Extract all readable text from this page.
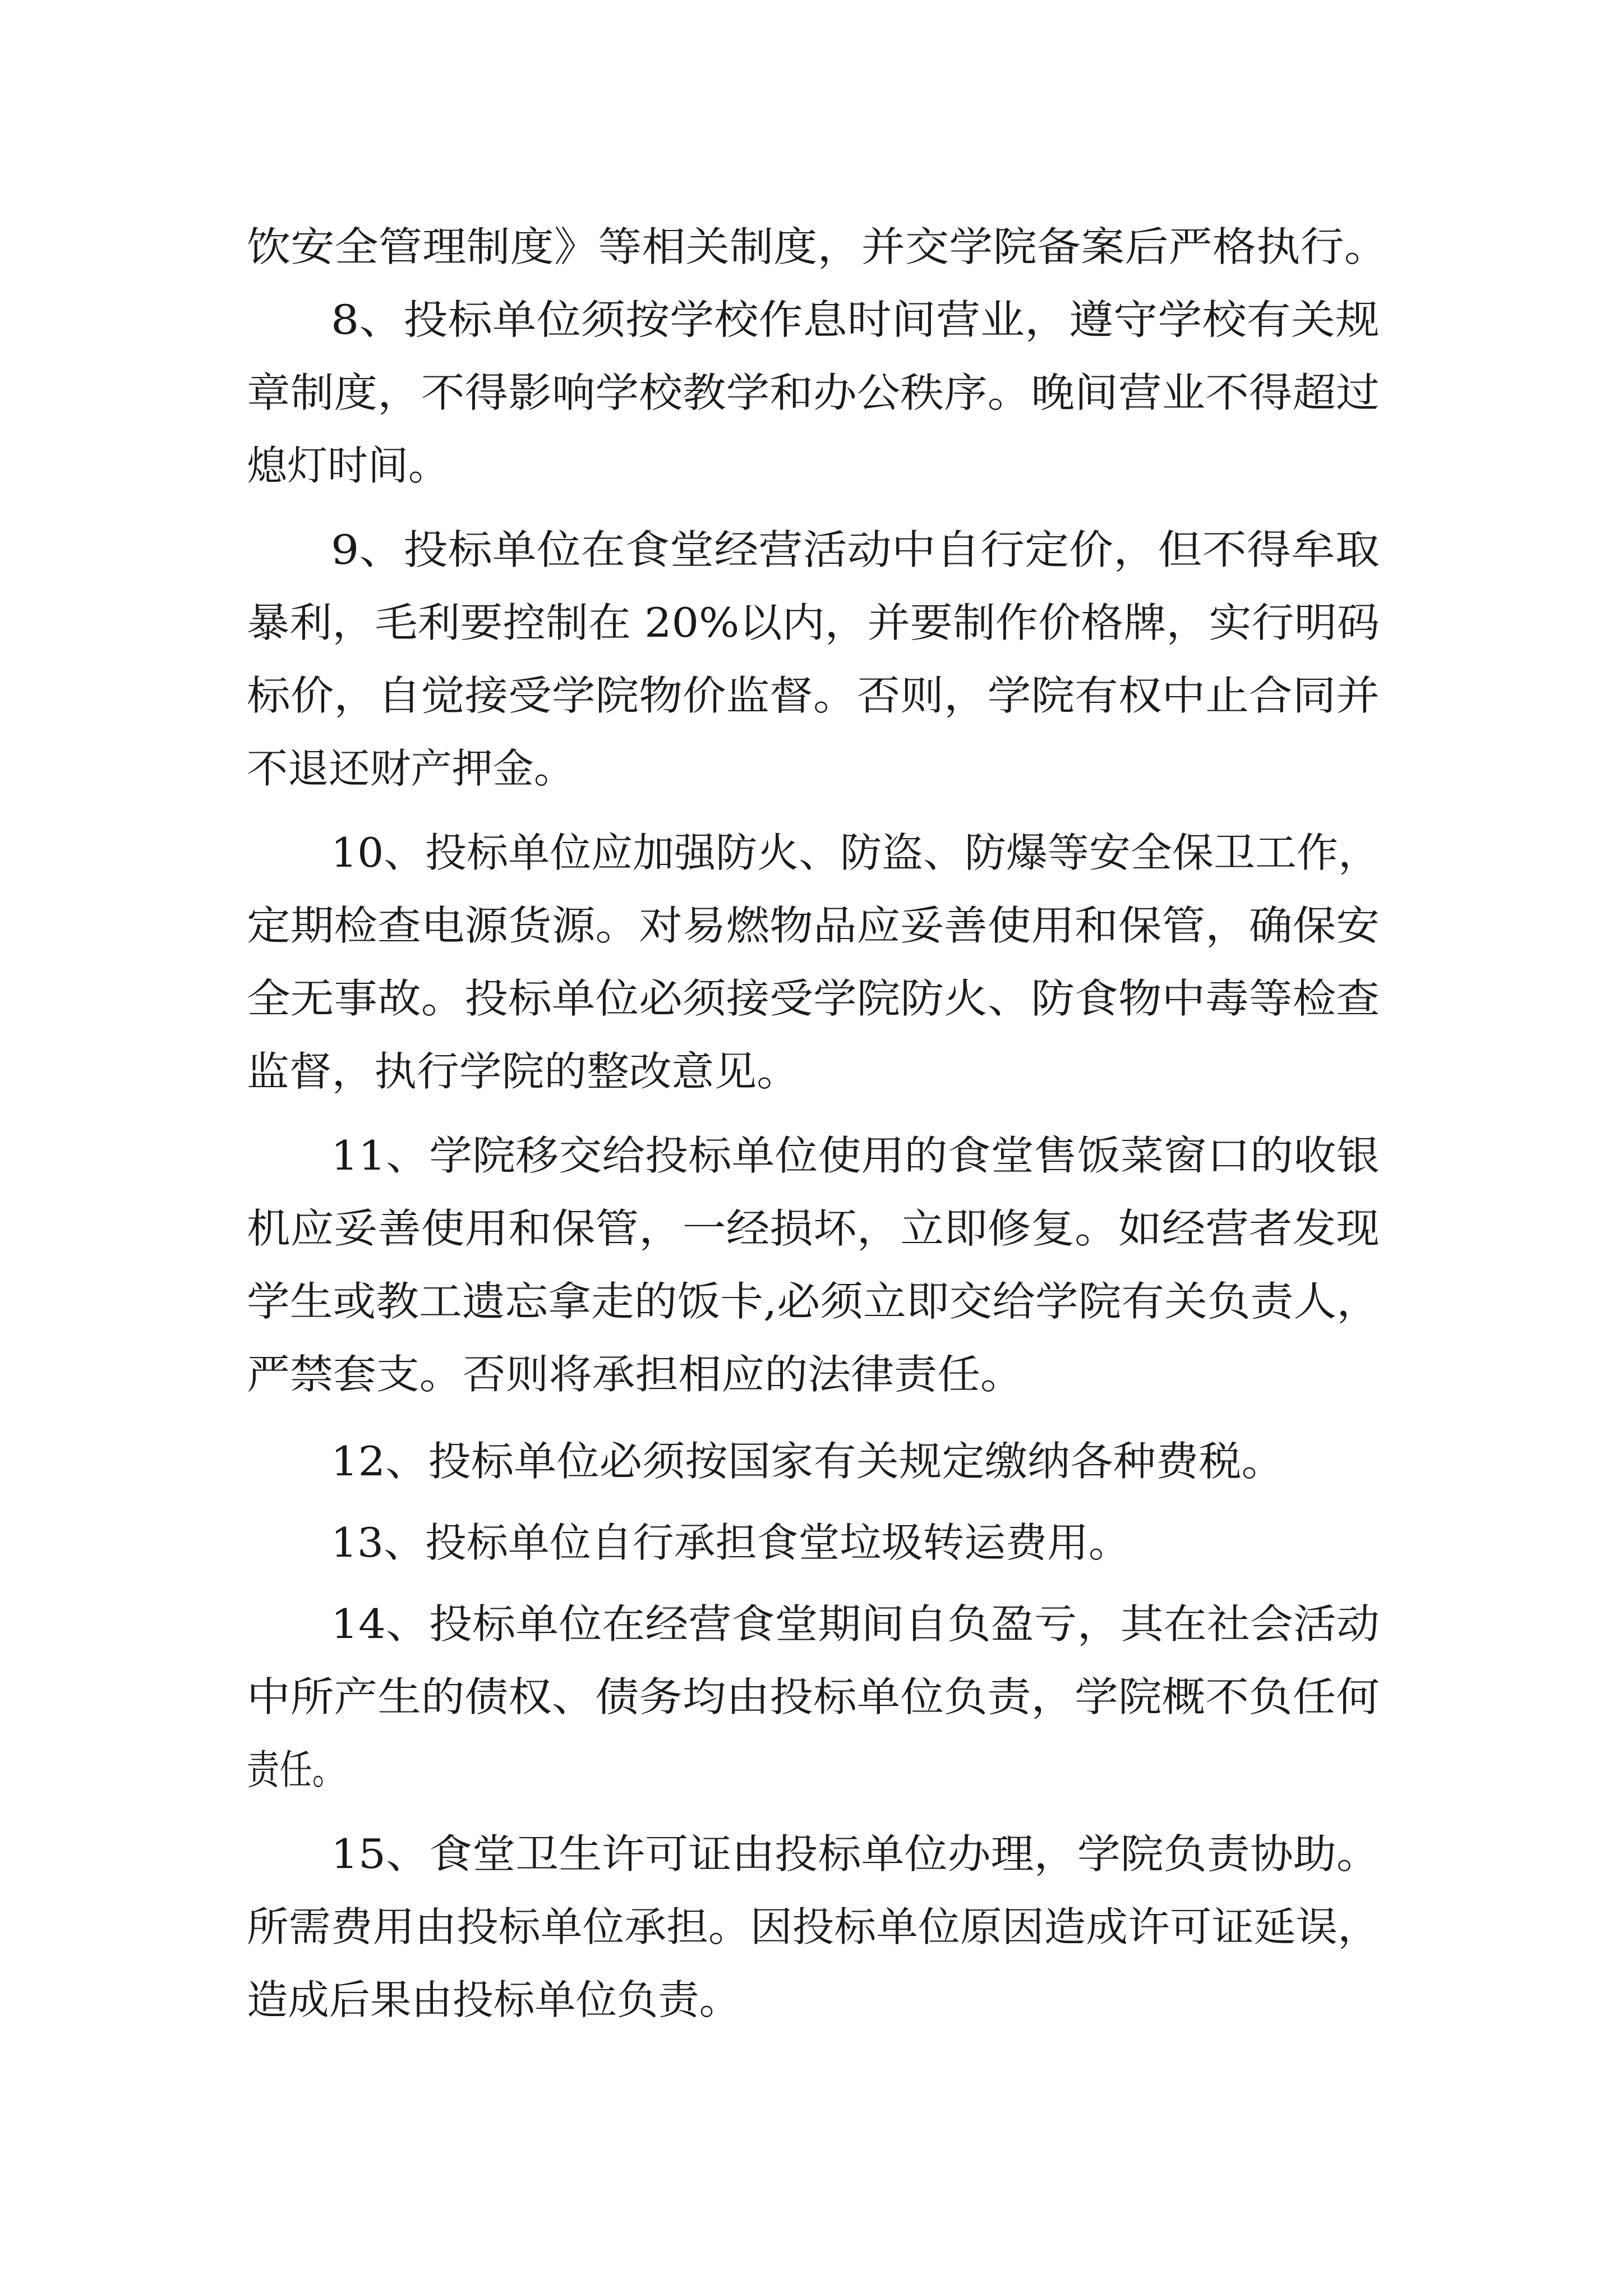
饮安全管理制度》等相关制度，并交学院备案后严格执行。
8、投标单位须按学校作息时间营业，遵守学校有关规
章制度，不得影响学校教学和办公秩序。晚间营业不得超过
熄灯时间。
9、投标单位在食堂经营活动中自行定价，但不得牟取
暴利，毛利要控制在 20%以内，并要制作价格牌，实行明码
标价，自觉接受学院物价监督。否则，学院有权中止合同并
不退还财产押金。
10、投标单位应加强防火、防盗、防爆等安全保卫工作，
定期检查电源货源。对易燃物品应妥善使用和保管，确保安
全无事故。投标单位必须接受学院防火、防食物中毒等检查
监督，执行学院的整改意见。
11、学院移交给投标单位使用的食堂售饭菜窗口的收银
机应妥善使用和保管，一经损坏，立即修复。如经营者发现
学生或教工遗忘拿走的饭卡,必须立即交给学院有关负责人，
严禁套支。否则将承担相应的法律责任。
12、投标单位必须按国家有关规定缴纳各种费税。
13、投标单位自行承担食堂垃圾转运费用。
14、投标单位在经营食堂期间自负盈亏，其在社会活动
中所产生的债权、债务均由投标单位负责，学院概不负任何
责任。
15、食堂卫生许可证由投标单位办理，学院负责协助。
所需费用由投标单位承担。因投标单位原因造成许可证延误，
造成后果由投标单位负责。
